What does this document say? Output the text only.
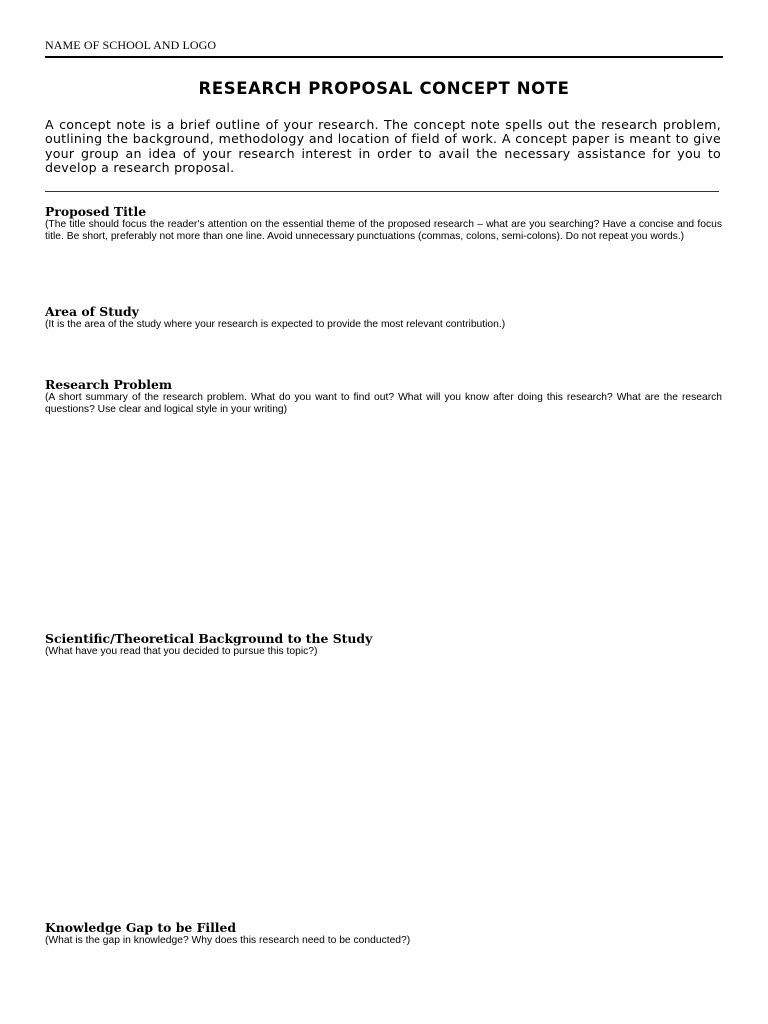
NAME OF SCHOOL AND LOGO
RESEARCH PROPOSAL CONCEPT NOTE
A concept note is a brief outline of your research. The concept note spells out the research problem, outlining the background, methodology and location of field of work. A concept paper is meant to give your group an idea of your research interest in order to avail the necessary assistance for you to develop a research proposal.

Proposed Title

(The title should focus the reader's attention on the essential theme of the proposed research – what are you searching? Have a concise and focus title. Be short, preferably not more than one line. Avoid unnecessary punctuations (commas, colons, semi-colons). Do not repeat you words.)

Area of Study

(It is the area of the study where your research is expected to provide the most relevant contribution.)

Research Problem

(A short summary of the research problem. What do you want to find out? What will you know after doing this research? What are the research questions? Use clear and logical style in your writing)

Scientific/Theoretical Background to the Study

(What have you read that you decided to pursue this topic?)

Knowledge Gap to be Filled

(What is the gap in knowledge? Why does this research need to be conducted?)
